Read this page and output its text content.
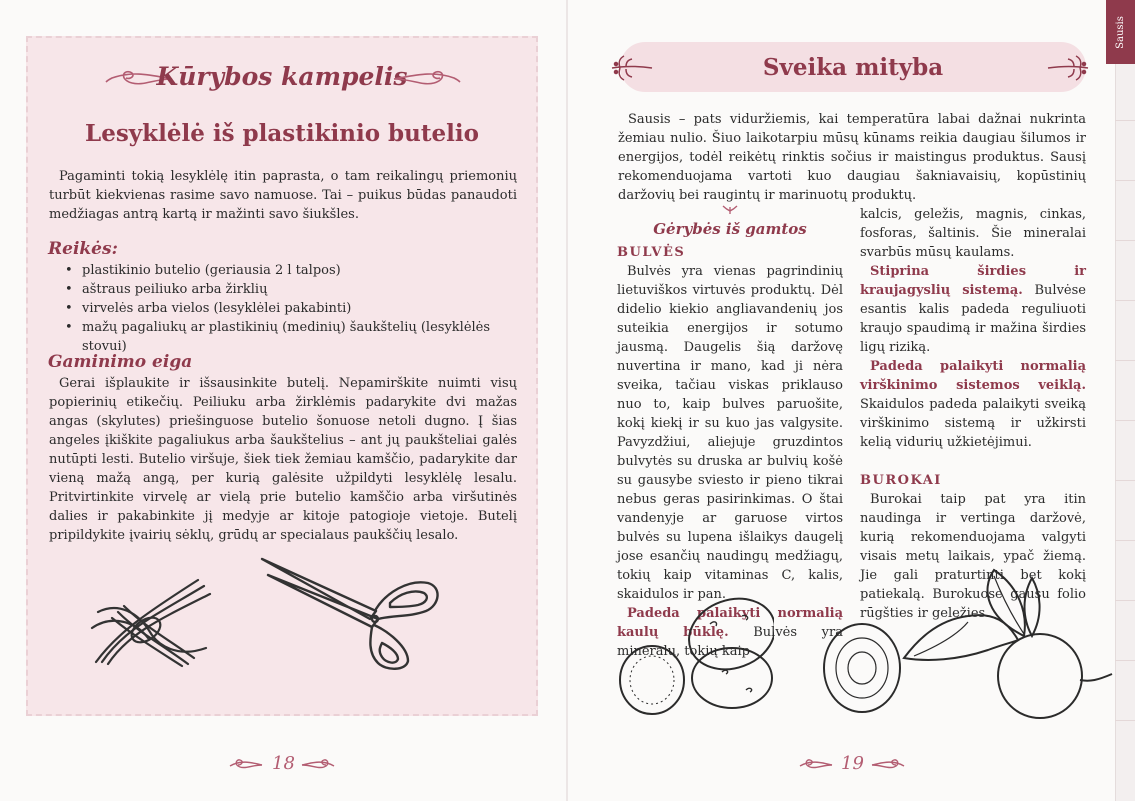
Kūrybos kampelis
Lesyklėlė iš plastikinio butelio

Pagaminti tokią lesyklėlę itin paprasta, o tam reikalingų priemonių turbūt kiekvienas rasime savo namuose. Tai – puikus būdas panaudoti medžiagas antrą kartą ir mažinti savo šiukšles.

Reikės:
• plastikinio butelio (geriausia 2 l talpos)
• aštraus peiliuko arba žirklių
• virvelės arba vielos (lesyklėlei pakabinti)
• mažų pagaliukų ar plastikinių (medinių) šaukštelių (lesyklėlės stovui)
Gaminimo eiga

Gerai išplaukite ir išsausinkite butelį. Nepamirškite nuimti visų popierinių etikečių. Peiliuku arba žirklėmis padarykite dvi mažas angas (skylutes) priešinguose butelio šonuose netoli dugno. Į šias angeles įkiškite pagaliukus arba šaukštelius – ant jų paukšteliai galės nutūpti lesti. Butelio viršuje, šiek tiek žemiau kamščio, padarykite dar vieną mažą angą, per kurią galėsite užpildyti lesyklėlę lesalu. Pritvirtinkite virvelę ar vielą prie butelio kamščio arba viršutinės dalies ir pakabinkite jį medyje ar kitoje patogioje vietoje. Butelį pripildykite įvairių sėklų, grūdų ar specialaus paukščių lesalo.

18
Sveika mityba

Sausis – pats viduržiemis, kai temperatūra labai dažnai nukrinta žemiau nulio. Šiuo laikotarpiu mūsų kūnams reikia daugiau šilumos ir energijos, todėl reikėtų rinktis sočius ir maistingus produktus. Sausį rekomenduojama vartoti kuo daugiau šakniavaisių, kopūstinių daržovių bei raugintų ir marinuotų produktų.

Gėrybės iš gamtos
BULVĖS

Bulvės yra vienas pagrindinių lietuviškos virtuvės produktų. Dėl didelio kiekio angliavandenių jos suteikia energijos ir sotumo jausmą. Daugelis šią daržovę nuvertina ir mano, kad ji nėra sveika, tačiau viskas priklauso nuo to, kaip bulves paruošite, kokį kiekį ir su kuo jas valgysite. Pavyzdžiui, aliejuje gruzdintos bulvytės su druska ar bulvių košė su gausybe sviesto ir pieno tikrai nebus geras pasirinkimas. O štai vandenyje ar garuose virtos bulvės su lupena išlaikys daugelį jose esančių naudingų medžiagų, tokių kaip vitaminas C, kalis, skaidulos ir pan.

Padeda palaikyti normalią kaulų būklę. Bulvės yra mineralų, tokių kaip

kalcis, geležis, magnis, cinkas, fosforas, šaltinis. Šie mineralai svarbūs mūsų kaulams.

Stiprina širdies ir kraujagyslių sistemą. Bulvėse esantis kalis padeda reguliuoti kraujo spaudimą ir mažina širdies ligų riziką.

Padeda palaikyti normalią virškinimo sistemos veiklą. Skaidulos padeda palaikyti sveiką virškinimo sistemą ir užkirsti kelią vidurių užkietėjimui.

BUROKAI

Burokai taip pat yra itin naudinga ir vertinga daržovė, kurią rekomenduojama valgyti visais metų laikais, ypač žiemą. Jie gali praturtinti bet kokį patiekalą. Burokuose gausu folio rūgšties ir geležies.

19
Sausis
